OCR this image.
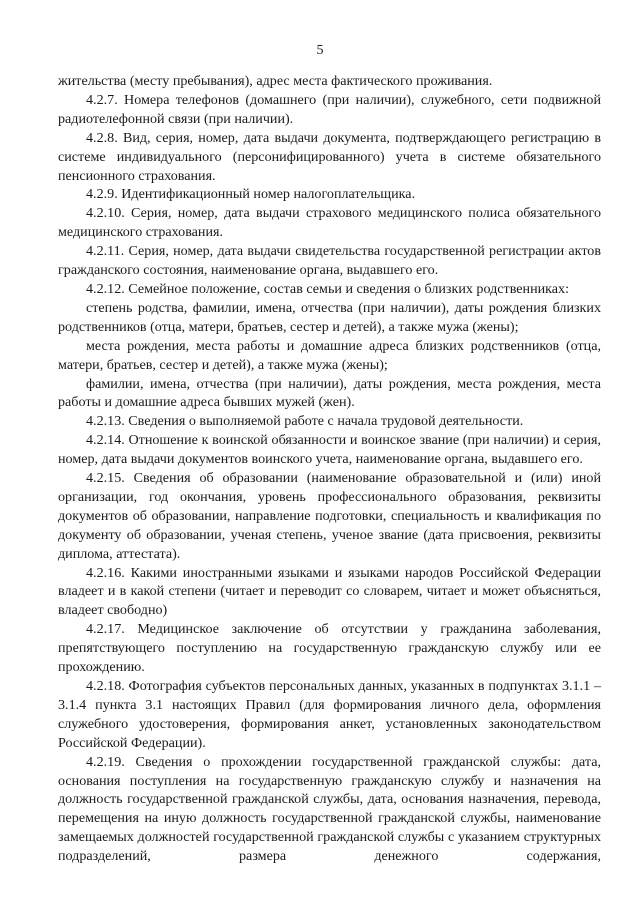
5

жительства (месту пребывания), адрес места фактического проживания.

4.2.7. Номера телефонов (домашнего (при наличии), служебного, сети подвижной радиотелефонной связи (при наличии).

4.2.8. Вид, серия, номер, дата выдачи документа, подтверждающего регистрацию в системе индивидуального (персонифицированного) учета в системе обязательного пенсионного страхования.

4.2.9. Идентификационный номер налогоплательщика.

4.2.10. Серия, номер, дата выдачи страхового медицинского полиса обязательного медицинского страхования.

4.2.11. Серия, номер, дата выдачи свидетельства государственной регистрации актов гражданского состояния, наименование органа, выдавшего его.

4.2.12. Семейное положение, состав семьи и сведения о близких родственниках:

степень родства, фамилии, имена, отчества (при наличии), даты рождения близких родственников (отца, матери, братьев, сестер и детей), а также мужа (жены);

места рождения, места работы и домашние адреса близких родственников (отца, матери, братьев, сестер и детей), а также мужа (жены);

фамилии, имена, отчества (при наличии), даты рождения, места рождения, места работы и домашние адреса бывших мужей (жен).

4.2.13. Сведения о выполняемой работе с начала трудовой деятельности.

4.2.14. Отношение к воинской обязанности и воинское звание (при наличии) и серия, номер, дата выдачи документов воинского учета, наименование органа, выдавшего его.

4.2.15. Сведения об образовании (наименование образовательной и (или) иной организации, год окончания, уровень профессионального образования, реквизиты документов об образовании, направление подготовки, специальность и квалификация по документу об образовании, ученая степень, ученое звание (дата присвоения, реквизиты диплома, аттестата).

4.2.16. Какими иностранными языками и языками народов Российской Федерации владеет и в какой степени (читает и переводит со словарем, читает и может объясняться, владеет свободно)

4.2.17. Медицинское заключение об отсутствии у гражданина заболевания, препятствующего поступлению на государственную гражданскую службу или ее прохождению.

4.2.18. Фотография субъектов персональных данных, указанных в подпунктах 3.1.1 – 3.1.4 пункта 3.1 настоящих Правил (для формирования личного дела, оформления служебного удостоверения, формирования анкет, установленных законодательством Российской Федерации).

4.2.19. Сведения о прохождении государственной гражданской службы: дата, основания поступления на государственную гражданскую службу и назначения на должность государственной гражданской службы, дата, основания назначения, перевода, перемещения на иную должность государственной гражданской службы, наименование замещаемых должностей государственной гражданской службы с указанием структурных подразделений, размера денежного содержания,
